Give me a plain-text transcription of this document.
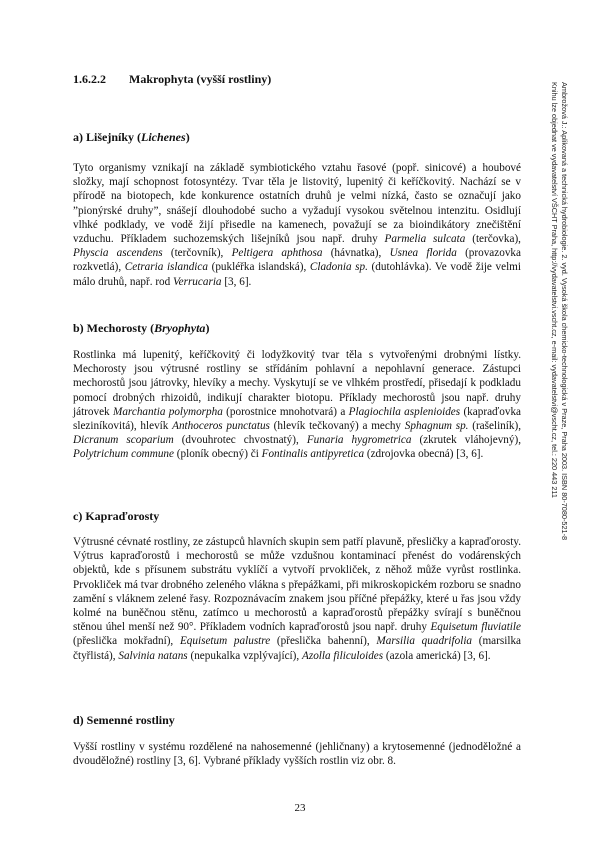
1.6.2.2 Makrophyta (vyšší rostliny)
a) Lišejníky (Lichenes)

Tyto organismy vznikají na základě symbiotického vztahu řasové (popř. sinicové) a houbové složky, mají schopnost fotosyntézy. Tvar těla je listovitý, lupenitý či keříčkovitý. Nachází se v přírodě na biotopech, kde konkurence ostatních druhů je velmi nízká, často se označují jako ”pionýrské druhy”, snášejí dlouhodobé sucho a vyžadují vysokou světelnou intenzitu. Osidlují vlhké podklady, ve vodě žijí přisedle na kamenech, považují se za bioindikátory znečištění vzduchu. Příkladem suchozemských lišejníků jsou např. druhy Parmelia sulcata (terčovka), Physcia ascendens (terčovník), Peltigera aphthosa (hávnatka), Usnea florida (provazovka rozkvetlá), Cetraria islandica (pukléřka islandská), Cladonia sp. (dutohlávka). Ve vodě žije velmi málo druhů, např. rod Verrucaria [3, 6].

b) Mechorosty (Bryophyta)

Rostlinka má lupenitý, keříčkovitý či lodyžkovitý tvar těla s vytvořenými drobnými lístky. Mechorosty jsou výtrusné rostliny se střídáním pohlavní a nepohlavní generace. Zástupci mechorostů jsou játrovky, hlevíky a mechy. Vyskytují se ve vlhkém prostředí, přisedají k podkladu pomocí drobných rhizoidů, indikují charakter biotopu. Příklady mechorostů jsou např. druhy játrovek Marchantia polymorpha (porostnice mnohotvará) a Plagiochila asplenioides (kapraďovka sleziníkovitá), hlevík Anthoceros punctatus (hlevík tečkovaný) a mechy Sphagnum sp. (rašeliník), Dicranum scoparium (dvouhrotec chvostnatý), Funaria hygrometrica (zkrutek vláhojevný), Polytrichum commune (ploník obecný) či Fontinalis antipyretica (zdrojovka obecná) [3, 6].

c) Kapraďorosty

Výtrusné cévnaté rostliny, ze zástupců hlavních skupin sem patří plavuně, přesličky a kapraďorosty. Výtrus kapraďorostů i mechorostů se může vzdušnou kontaminací přenést do vodárenských objektů, kde s přísunem substrátu vyklíčí a vytvoří prvokliček, z něhož může vyrůst rostlinka. Prvokliček má tvar drobného zeleného vlákna s přepážkami, při mikroskopickém rozboru se snadno zamění s vláknem zelené řasy. Rozpoznávacím znakem jsou příčné přepážky, které u řas jsou vždy kolmé na buněčnou stěnu, zatímco u mechorostů a kapraďorostů přepážky svírají s buněčnou stěnou úhel menší než 90°. Příkladem vodních kapraďorostů jsou např. druhy Equisetum fluviatile (přeslička mokřadní), Equisetum palustre (přeslička bahenní), Marsilia quadrifolia (marsilka čtyřlistá), Salvinia natans (nepukalka vzplývající), Azolla filiculoides (azola americká) [3, 6].

d) Semenné rostliny

Vyšší rostliny v systému rozdělené na nahosemenné (jehličnany) a krytosemenné (jednoděložné a dvouděložné) rostliny [3, 6]. Vybrané příklady vyšších rostlin viz obr. 8.

Ambrožová J.: Aplikovaná a technická hydrobiologie. 2. vyd. Vysoká škola chemicko-technologická v Praze, Praha 2003. ISBN 80-7080-521-8
Knihu lze objednat ve vydavatelství VŠCHT Praha, http://vydavatelstvi.vscht.cz, e-mail: vydavatelstvi@vscht.cz, tel.: 220 443 211
23
